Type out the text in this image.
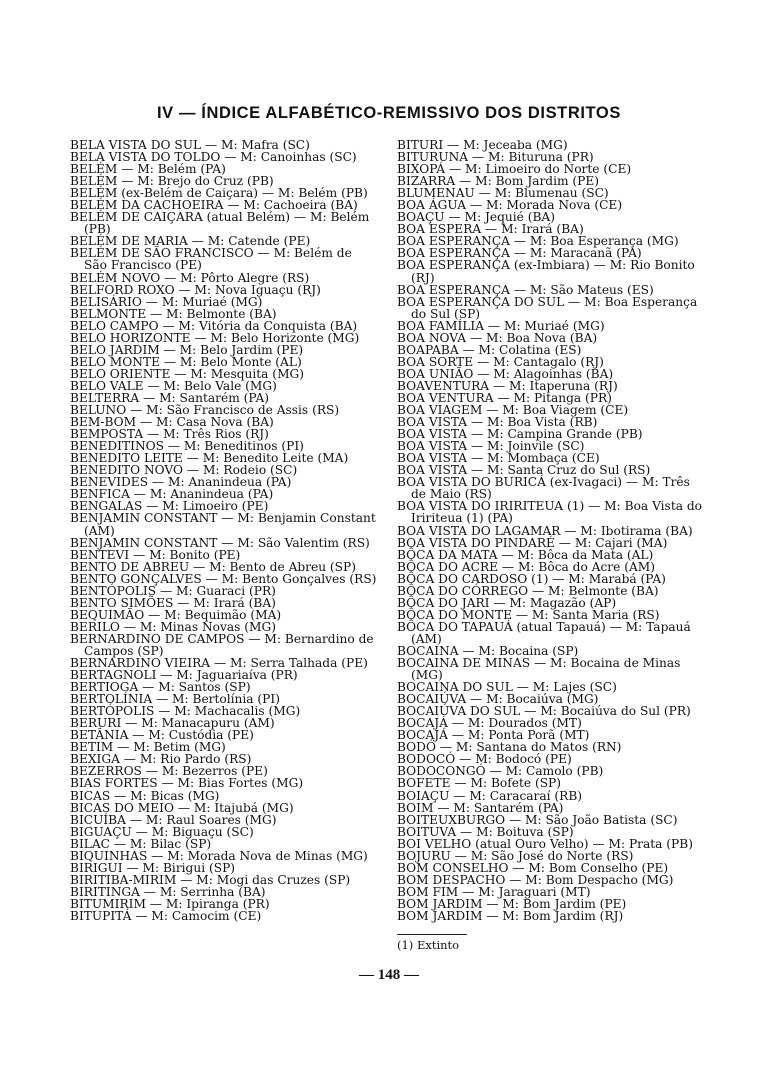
IV — ÍNDICE ALFABÉTICO-REMISSIVO DOS DISTRITOS

BELA VISTA DO SUL — M: Mafra (SC)

BELA VISTA DO TOLDO — M: Canoinhas (SC)

BELÉM — M: Belém (PA)

BELÉM — M: Brejo do Cruz (PB)

BELÉM (ex-Belém de Caiçara) — M: Belém (PB)

BELÉM DA CACHOEIRA — M: Cachoeira (BA)

BELÉM DE CAIÇARA (atual Belém) — M: Belém (PB)

BELÉM DE MARIA — M: Catende (PE)

BELÉM DE SÃO FRANCISCO — M: Belém de São Francisco (PE)

BELÉM NOVO — M: Pôrto Alegre (RS)

BELFORD ROXO — M: Nova Iguaçu (RJ)

BELISÁRIO — M: Muriaé (MG)

BELMONTE — M: Belmonte (BA)

BELO CAMPO — M: Vitória da Conquista (BA)

BELO HORIZONTE — M: Belo Horizonte (MG)

BELO JARDIM — M: Belo Jardim (PE)

BELO MONTE — M: Belo Monte (AL)

BELO ORIENTE — M: Mesquita (MG)

BELO VALE — M: Belo Vale (MG)

BELTERRA — M: Santarém (PA)

BELUNO — M: São Francisco de Assis (RS)

BEM-BOM — M: Casa Nova (BA)

BEMPOSTA — M: Três Rios (RJ)

BENEDITINOS — M: Beneditinos (PI)

BENEDITO LEITE — M: Benedito Leite (MA)

BENEDITO NOVO — M: Rodeio (SC)

BENEVIDES — M: Ananindeua (PA)

BENFICA — M: Ananindeua (PA)

BENGALAS — M: Limoeiro (PE)

BENJAMIN CONSTANT — M: Benjamin Constant (AM)

BENJAMIN CONSTANT — M: São Valentim (RS)

BENTEVI — M: Bonito (PE)

BENTO DE ABREU — M: Bento de Abreu (SP)

BENTO GONÇALVES — M: Bento Gonçalves (RS)

BENTÓPOLIS — M: Guaraci (PR)

BENTO SIMÕES — M: Irará (BA)

BEQUIMÃO — M: Bequimão (MA)

BERILO — M: Minas Novas (MG)

BERNARDINO DE CAMPOS — M: Bernardino de Campos (SP)

BERNARDINO VIEIRA — M: Serra Talhada (PE)

BERTAGNOLI — M: Jaguariaíva (PR)

BERTIOGA — M: Santos (SP)

BERTOLÍNIA — M: Bertolínia (PI)

BERTÓPOLIS — M: Machacalis (MG)

BERURI — M: Manacapuru (AM)

BETÂNIA — M: Custódia (PE)

BETIM — M: Betim (MG)

BEXIGA — M: Rio Pardo (RS)

BEZERROS — M: Bezerros (PE)

BIAS FORTES — M: Bias Fortes (MG)

BICAS — M: Bicas (MG)

BICAS DO MEIO — M: Itajubá (MG)

BICUÍBA — M: Raul Soares (MG)

BIGUAÇU — M: Biguaçu (SC)

BILAC — M: Bilac (SP)

BIQUINHAS — M: Morada Nova de Minas (MG)

BIRIGUI — M: Birigui (SP)

BIRITIBA-MIRIM — M: Mogi das Cruzes (SP)

BIRITINGA — M: Serrinha (BA)

BITUMIRIM — M: Ipiranga (PR)

BITUPITÁ — M: Camocim (CE)

BITURI — M: Jeceaba (MG)

BITURUNA — M: Bituruna (PR)

BIXOPÁ — M: Limoeiro do Norte (CE)

BIZARRA — M: Bom Jardim (PE)

BLUMENAU — M: Blumenau (SC)

BOA ÁGUA — M: Morada Nova (CE)

BOAÇU — M: Jequié (BA)

BOA ESPERA — M: Irará (BA)

BOA ESPERANÇA — M: Boa Esperança (MG)

BOA ESPERANÇA — M: Maracanã (PA)

BOA ESPERANÇA (ex-Imbiara) — M: Rio Bonito (RJ)

BOA ESPERANÇA — M: São Mateus (ES)

BOA ESPERANÇA DO SUL — M: Boa Esperança do Sul (SP)

BOA FAMÍLIA — M: Muriaé (MG)

BOA NOVA — M: Boa Nova (BA)

BOAPABA — M: Colatina (ES)

BOA SORTE — M: Cantagalo (RJ)

BOA UNIÃO — M: Alagoinhas (BA)

BOAVENTURA — M: Itaperuna (RJ)

BOA VENTURA — M: Pitanga (PR)

BOA VIAGEM — M: Boa Viagem (CE)

BOA VISTA — M: Boa Vista (RB)

BOA VISTA — M: Campina Grande (PB)

BOA VISTA — M: Joinvile (SC)

BOA VISTA — M: Mombaça (CE)

BOA VISTA — M: Santa Cruz do Sul (RS)

BOA VISTA DO BURICÁ (ex-Ivagaci) — M: Três de Maio (RS)

BOA VISTA DO IRIRITEUA (1) — M: Boa Vista do Iririteua (1) (PA)

BOA VISTA DO LAGAMAR — M: Ibotirama (BA)

BOA VISTA DO PINDARÉ — M: Cajari (MA)

BÔCA DA MATA — M: Bôca da Mata (AL)

BÔCA DO ACRE — M: Bôca do Acre (AM)

BÔCA DO CARDOSO (1) — M: Marabá (PA)

BÔCA DO CÓRREGO — M: Belmonte (BA)

BÔCA DO JARI — M: Magazão (AP)

BÔCA DO MONTE — M: Santa Maria (RS)

BÔCA DO TAPAUÁ (atual Tapauá) — M: Tapauá (AM)

BOCAINA — M: Bocaina (SP)

BOCAINA DE MINAS — M: Bocaina de Minas (MG)

BOCAINA DO SUL — M: Lajes (SC)

BOCAIÚVA — M: Bocaiúva (MG)

BOCAIÚVA DO SUL — M: Bocaiúva do Sul (PR)

BOCAJÁ — M: Dourados (MT)

BOCAJÁ — M: Ponta Porã (MT)

BODÓ — M: Santana do Matos (RN)

BODOCÓ — M: Bodocó (PE)

BODOCONGÓ — M: Camolo (PB)

BOFETE — M: Bofete (SP)

BOIAÇU — M: Caracaraí (RB)

BOIM — M: Santarém (PA)

BOITEUXBURGO — M: São João Batista (SC)

BOITUVA — M: Boituva (SP)

BOI VELHO (atual Ouro Velho) — M: Prata (PB)

BOJURU — M: São José do Norte (RS)

BOM CONSELHO — M: Bom Conselho (PE)

BOM DESPACHO — M: Bom Despacho (MG)

BOM FIM — M: Jaraguari (MT)

BOM JARDIM — M: Bom Jardim (PE)

BOM JARDIM — M: Bom Jardim (RJ)

(1) Extinto
— 148 —
